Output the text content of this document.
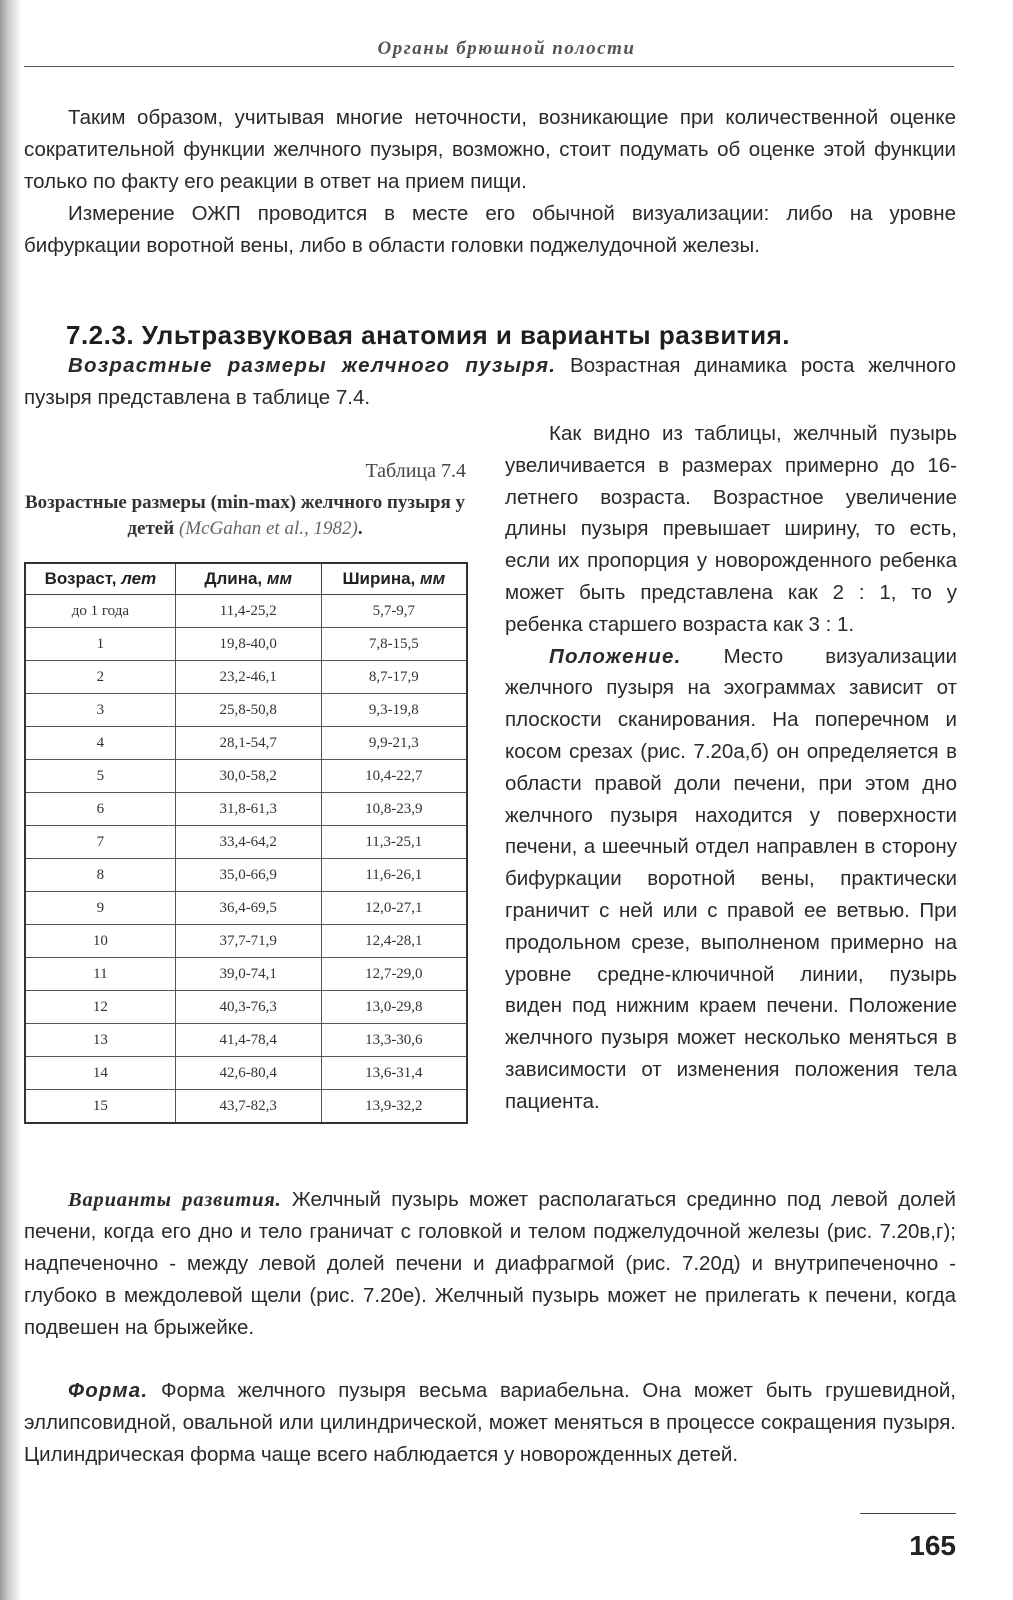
Органы брюшной полости

Таким образом, учитывая многие неточности, возникающие при количественной оценке сократительной функции желчного пузыря, возможно, стоит подумать об оценке этой функции только по факту его реакции в ответ на прием пищи.

Измерение ОЖП проводится в месте его обычной визуализации: либо на уровне бифуркации воротной вены, либо в области головки поджелудочной железы.

7.2.3. Ультразвуковая анатомия и варианты развития.

Возрастные размеры желчного пузыря. Возрастная динамика роста желчного пузыря представлена в таблице 7.4.

Таблица 7.4
Возрастные размеры (min-max) желчного пузыря у детей (McGahan et al., 1982).
Возраст, лет	Длина, мм	Ширина, мм
до 1 года	11,4-25,2	5,7-9,7
1	19,8-40,0	7,8-15,5
2	23,2-46,1	8,7-17,9
3	25,8-50,8	9,3-19,8
4	28,1-54,7	9,9-21,3
5	30,0-58,2	10,4-22,7
6	31,8-61,3	10,8-23,9
7	33,4-64,2	11,3-25,1
8	35,0-66,9	11,6-26,1
9	36,4-69,5	12,0-27,1
10	37,7-71,9	12,4-28,1
11	39,0-74,1	12,7-29,0
12	40,3-76,3	13,0-29,8
13	41,4-78,4	13,3-30,6
14	42,6-80,4	13,6-31,4
15	43,7-82,3	13,9-32,2

Как видно из таблицы, желчный пузырь увеличивается в размерах примерно до 16-летнего возраста. Возрастное увеличение длины пузыря превышает ширину, то есть, если их пропорция у новорожденного ребенка может быть представлена как 2 : 1, то у ребенка старшего возраста как 3 : 1.

Положение. Место визуализации желчного пузыря на эхограммах зависит от плоскости сканирования. На поперечном и косом срезах (рис. 7.20а,б) он определяется в области правой доли печени, при этом дно желчного пузыря находится у поверхности печени, а шеечный отдел направлен в сторону бифуркации воротной вены, практически граничит с ней или с правой ее ветвью. При продольном срезе, выполненом примерно на уровне средне-ключичной линии, пузырь виден под нижним краем печени. Положение желчного пузыря может несколько меняться в зависимости от изменения положения тела пациента.

Варианты развития. Желчный пузырь может располагаться срединно под левой долей печени, когда его дно и тело граничат с головкой и телом поджелудочной железы (рис. 7.20в,г); надпеченочно - между левой долей печени и диафрагмой (рис. 7.20д) и внутрипеченочно - глубоко в междолевой щели (рис. 7.20е). Желчный пузырь может не прилегать к печени, когда подвешен на брыжейке.

Форма. Форма желчного пузыря весьма вариабельна. Она может быть грушевидной, эллипсовидной, овальной или цилиндрической, может меняться в процессе сокращения пузыря. Цилиндрическая форма чаще всего наблюдается у новорожденных детей.

165
